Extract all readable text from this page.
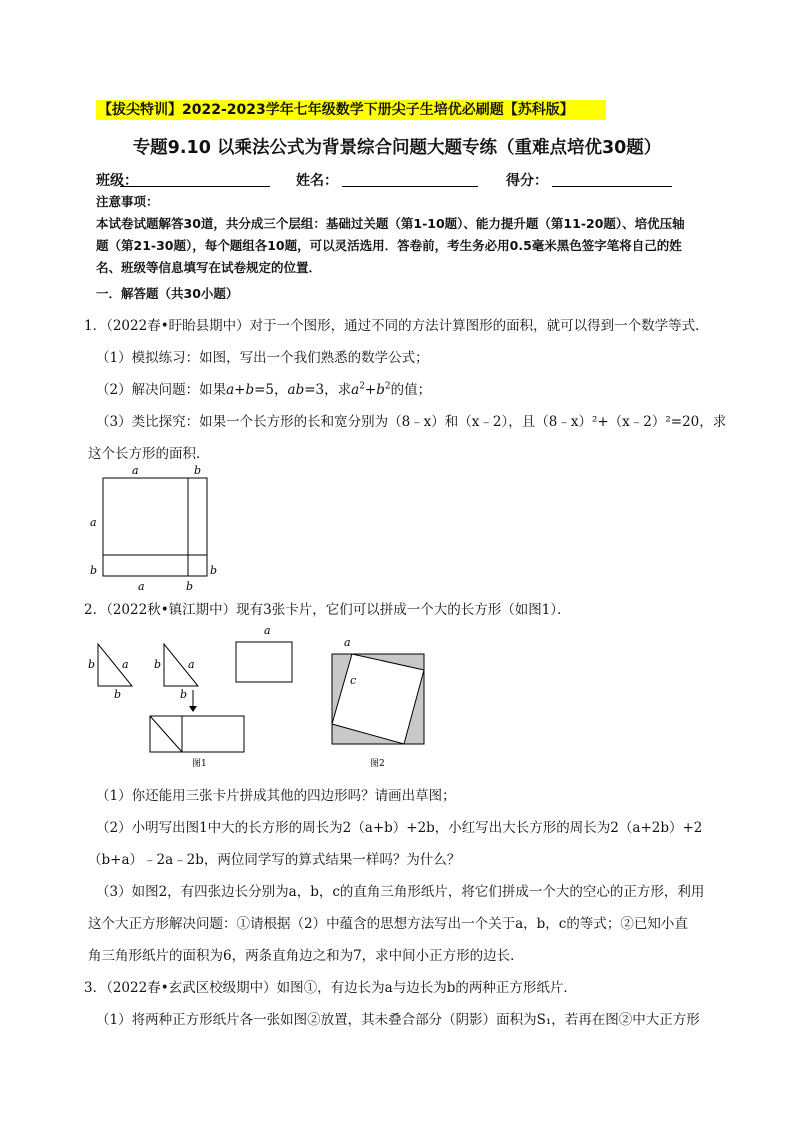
【拔尖特训】2022-2023学年七年级数学下册尖子生培优必刷题【苏科版】
专题9.10 以乘法公式为背景综合问题大题专练（重难点培优30题）
班级：	姓名：	得分：
注意事项：
本试卷试题解答30道，共分成三个层组：基础过关题（第1-10题）、能力提升题（第11-20题）、培优压轴
题（第21-30题），每个题组各10题，可以灵活选用．答卷前，考生务必用0.5毫米黑色签字笔将自己的姓
名、班级等信息填写在试卷规定的位置．
一．解答题（共30小题）
1．（2022春•盱眙县期中）对于一个图形，通过不同的方法计算图形的面积，就可以得到一个数学等式．
（1）模拟练习：如图，写出一个我们熟悉的数学公式；
（2）解决问题：如果a+b=5，ab=3，求$a^2+b^2$的值；
（3）类比探究：如果一个长方形的长和宽分别为（8﹣x）和（x﹣2），且（8﹣x）²+（x﹣2）²=20，求
这个长方形的面积．
a	b
a
b
a	b
b
2．（2022秋•镇江期中）现有3张卡片，它们可以拼成一个大的长方形（如图1）．
b a
b
b a
b
a
图1
a
c
图2
（1）你还能用三张卡片拼成其他的四边形吗？请画出草图；
（2）小明写出图1中大的长方形的周长为2（a+b）+2b，小红写出大长方形的周长为2（a+2b）+2
（b+a）﹣2a﹣2b，两位同学写的算式结果一样吗？为什么？
（3）如图2，有四张边长分别为a，b，c的直角三角形纸片，将它们拼成一个大的空心的正方形，利用
这个大正方形解决问题：①请根据（2）中蕴含的思想方法写出一个关于a，b，c的等式；②已知小直
角三角形纸片的面积为6，两条直角边之和为7，求中间小正方形的边长．
3．（2022春•玄武区校级期中）如图①，有边长为a与边长为b的两种正方形纸片．
（1）将两种正方形纸片各一张如图②放置，其未叠合部分（阴影）面积为S₁，若再在图②中大正方形
